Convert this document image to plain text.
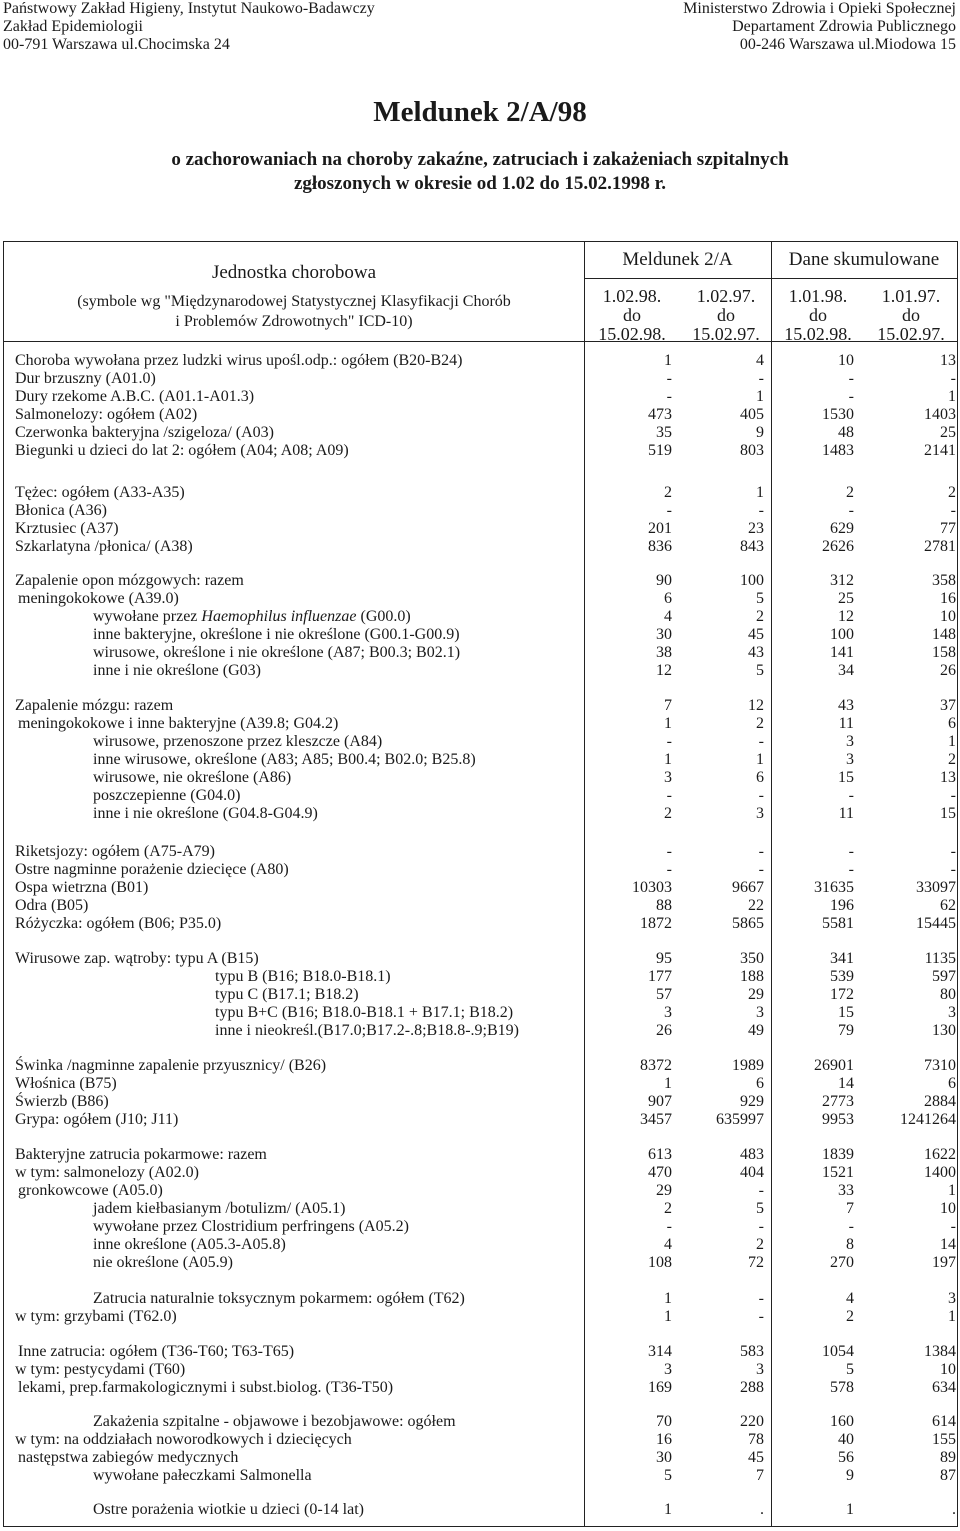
Państwowy Zakład Higieny, Instytut Naukowo-Badawczy
Zakład Epidemiologii
00-791 Warszawa ul.Chocimska 24
Ministerstwo Zdrowia i Opieki Społecznej
Departament Zdrowia Publicznego
00-246 Warszawa ul.Miodowa 15
Meldunek 2/A/98
o zachorowaniach na choroby zakaźne, zatruciach i zakażeniach szpitalnych
zgłoszonych w okresie od 1.02 do 15.02.1998 r.
Jednostka chorobowa
(symbole wg "Międzynarodowej Statystycznej Klasyfikacji Chorób
i Problemów Zdrowotnych" ICD-10)
Meldunek 2/A	Dane skumulowane
1.02.98.
do
15.02.98.
1.02.97.
do
15.02.97.
1.01.98.
do
15.02.98.
1.01.97.
do
15.02.97.
Choroba wywołana przez ludzki wirus upośl.odp.: ogółem (B20-B24)	1	4	10	13
Dur brzuszny (A01.0)	-	-	-	-
Dury rzekome A.B.C. (A01.1-A01.3)	-	1	-	1
Salmonelozy: ogółem (A02)	473	405	1530	1403
Czerwonka bakteryjna /szigeloza/ (A03)	35	9	48	25
Biegunki u dzieci do lat 2: ogółem (A04; A08; A09)	519	803	1483	2141
Tężec: ogółem (A33-A35)	2	1	2	2
Błonica (A36)	-	-	-	-
Krztusiec (A37)	201	23	629	77
Szkarlatyna /płonica/ (A38)	836	843	2626	2781
Zapalenie opon mózgowych: razem	90	100	312	358
meningokokowe (A39.0)	6	5	25	16
wywołane przez Haemophilus influenzae (G00.0)	4	2	12	10
inne bakteryjne, określone i nie określone (G00.1-G00.9)	30	45	100	148
wirusowe, określone i nie określone (A87; B00.3; B02.1)	38	43	141	158
inne i nie określone (G03)	12	5	34	26
Zapalenie mózgu: razem	7	12	43	37
meningokokowe i inne bakteryjne (A39.8; G04.2)	1	2	11	6
wirusowe, przenoszone przez kleszcze (A84)	-	-	3	1
inne wirusowe, określone (A83; A85; B00.4; B02.0; B25.8)	1	1	3	2
wirusowe, nie określone (A86)	3	6	15	13
poszczepienne (G04.0)	-	-	-	-
inne i nie określone (G04.8-G04.9)	2	3	11	15
Riketsjozy: ogółem (A75-A79)	-	-	-	-
Ostre nagminne porażenie dziecięce (A80)	-	-	-	-
Ospa wietrzna (B01)	10303	9667	31635	33097
Odra (B05)	88	22	196	62
Różyczka: ogółem (B06; P35.0)	1872	5865	5581	15445
Wirusowe zap. wątroby: typu A (B15)	95	350	341	1135
typu B (B16; B18.0-B18.1)	177	188	539	597
typu C (B17.1; B18.2)	57	29	172	80
typu B+C (B16; B18.0-B18.1 + B17.1; B18.2)	3	3	15	3
inne i nieokreśl.(B17.0;B17.2-.8;B18.8-.9;B19)	26	49	79	130
Świnka /nagminne zapalenie przyusznicy/ (B26)	8372	1989	26901	7310
Włośnica (B75)	1	6	14	6
Świerzb (B86)	907	929	2773	2884
Grypa: ogółem (J10; J11)	3457	635997	9953	1241264
Bakteryjne zatrucia pokarmowe: razem	613	483	1839	1622
w tym: salmonelozy (A02.0)	470	404	1521	1400
gronkowcowe (A05.0)	29	-	33	1
jadem kiełbasianym /botulizm/ (A05.1)	2	5	7	10
wywołane przez Clostridium perfringens (A05.2)	-	-	-	-
inne określone (A05.3-A05.8)	4	2	8	14
nie określone (A05.9)	108	72	270	197
Zatrucia naturalnie toksycznym pokarmem: ogółem (T62)	1	-	4	3
w tym: grzybami (T62.0)	1	-	2	1
Inne zatrucia: ogółem (T36-T60; T63-T65)	314	583	1054	1384
w tym: pestycydami (T60)	3	3	5	10
lekami, prep.farmakologicznymi i subst.biolog. (T36-T50)	169	288	578	634
Zakażenia szpitalne - objawowe i bezobjawowe: ogółem	70	220	160	614
w tym: na oddziałach noworodkowych i dziecięcych	16	78	40	155
następstwa zabiegów medycznych	30	45	56	89
wywołane pałeczkami Salmonella	5	7	9	87
Ostre porażenia wiotkie u dzieci (0-14 lat)	1	.	1	.
